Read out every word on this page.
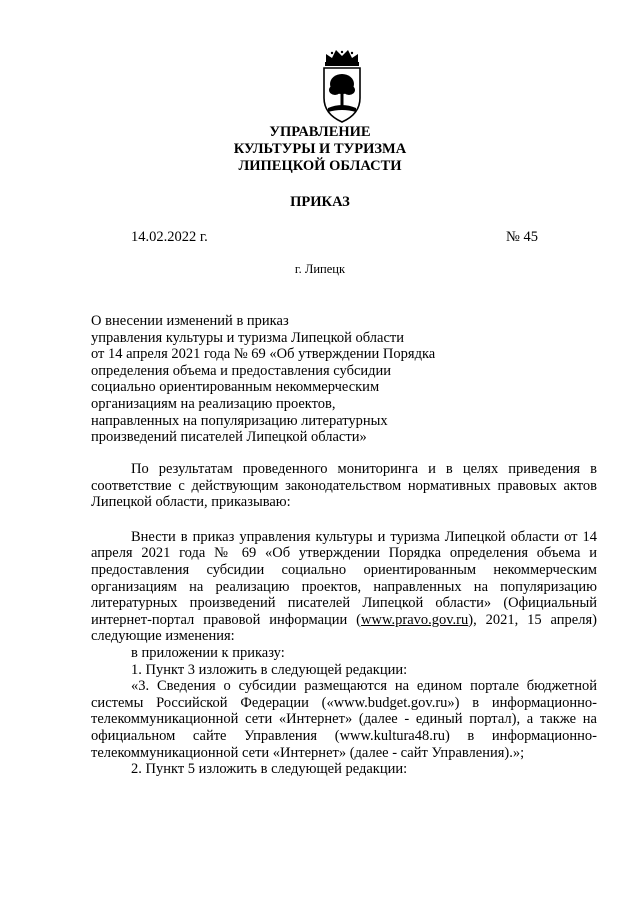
УПРАВЛЕНИЕ
КУЛЬТУРЫ И ТУРИЗМА
ЛИПЕЦКОЙ ОБЛАСТИ
ПРИКАЗ
14.02.2022 г.	№ 45
г. Липецк
О внесении изменений в приказ
управления культуры и туризма Липецкой области
от 14 апреля 2021 года № 69 «Об утверждении Порядка
определения объема и предоставления субсидии
социально ориентированным некоммерческим
организациям на реализацию проектов,
направленных на популяризацию литературных
произведений писателей Липецкой области»

По результатам проведенного мониторинга и в целях приведения в соответствие с действующим законодательством нормативных правовых актов Липецкой области, приказываю:

Внести в приказ управления культуры и туризма Липецкой области от 14 апреля 2021 года № 69 «Об утверждении Порядка определения объема и предоставления субсидии социально ориентированным некоммерческим организациям на реализацию проектов, направленных на популяризацию литературных произведений писателей Липецкой области» (Официальный интернет-портал правовой информации (www.pravo.gov.ru), 2021, 15 апреля) следующие изменения:

в приложении к приказу:

1. Пункт 3 изложить в следующей редакции:

«3. Сведения о субсидии размещаются на едином портале бюджетной системы Российской Федерации («www.budget.gov.ru») в информационно-телекоммуникационной сети «Интернет» (далее - единый портал), а также на официальном сайте Управления (www.kultura48.ru) в информационно-телекоммуникационной сети «Интернет» (далее - сайт Управления).»;

2. Пункт 5 изложить в следующей редакции:
